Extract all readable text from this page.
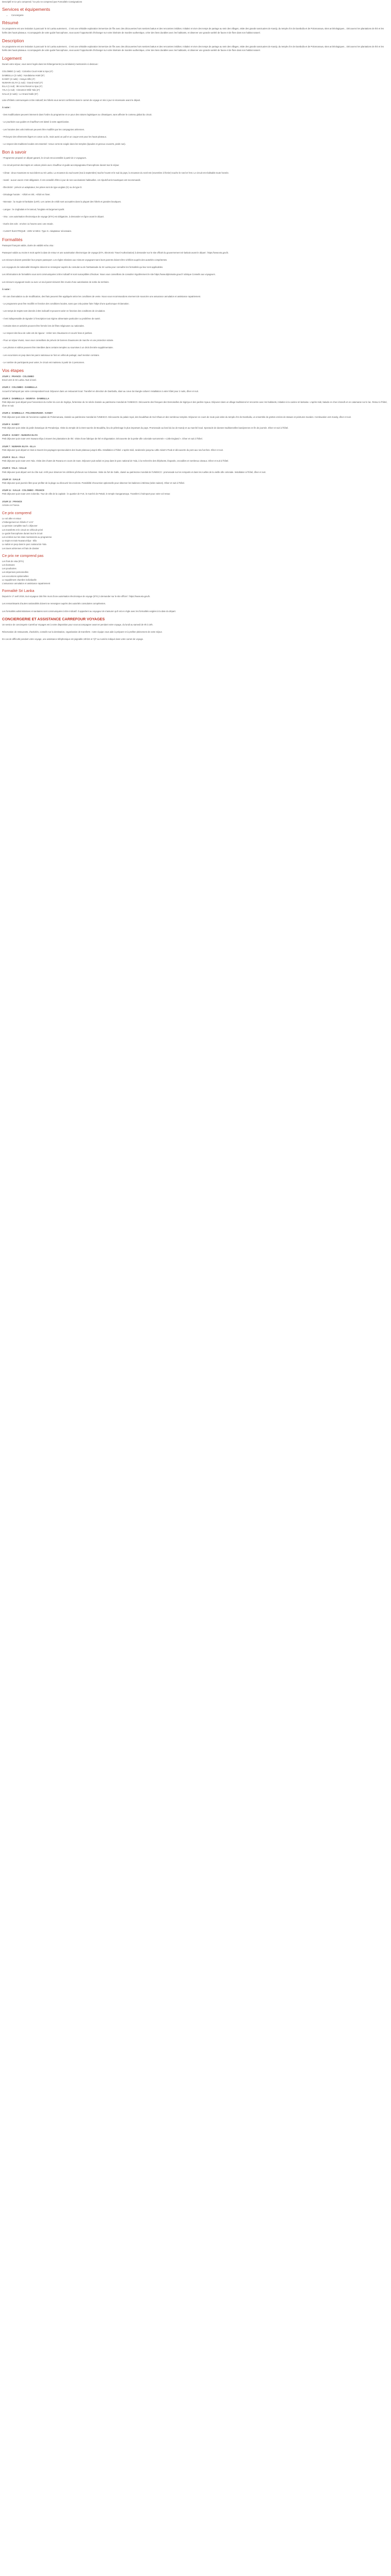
Descriptif et Ce prix comprend / Ce prix ne comprend pas Formalités Consignations
Services et équipements
• Conciergerie
Résumé

Ce programme est une invitation à parcourir le Sri Lanka autrement... C'est une véritable exploration immersive de l'île avec des découvertes hors sentiers battus et des rencontres inédites. Initialez et vivre des temps de partage au sein des villages, visite des grands sanctuaires de Kandy, du temple d'or de Dambulla et de Polonnaruwa, sites archéologiques... Découvrez les plantations de thé et les forêts des hauts plateaux. Accompagnés de votre guide francophone, vous aurez l'opportunité d'échanger sur votre itinéraire de manière authentique, créer des liens durables avec les habitants, et observer une grande variété de faune et de flore dans son habitat naturel.

Description

Ce programme est une invitation à parcourir le Sri Lanka autrement... C'est une véritable exploration immersive de l'île avec des découvertes hors sentiers battus et des rencontres inédites. Initialez et vivre des temps de partage au sein des villages, visite des grands sanctuaires de Kandy, du temple d'or de Dambulla et de Polonnaruwa, sites archéologiques... Découvrez les plantations de thé et les forêts des hauts plateaux. Accompagnés de votre guide francophone, vous aurez l'opportunité d'échanger sur votre itinéraire de manière authentique, créer des liens durables avec les habitants, et observer une grande variété de faune et de flore dans son habitat naturel.

Logement

Durant votre séjour, vous serez logés dans les hébergements (ou similaires) mentionnés ci-dessous :

COLOMBO (1 nuit) : Colombo Court Hotel & Spa (4*)
DAMBULLA (2 nuits) : Kandalama Hotel (5*)
KANDY (2 nuits) : Amaya Hills (4*)
NUWARA ELIYA (1 nuit) : Grand Hotel (4*)
ELLA (1 nuit) : 98 Acres Resort & Spa (4*)
YALA (1 nuit) : Cinnamon Wild Yala (4*)
GALLE (2 nuits) : Le Grand Galle (5*)

Liste d'hôtels communiquée à titre indicatif, les hôtels vous seront confirmés dans le carnet de voyage et mis à jour si nécessaire avant le départ.

À noter :

- Des modifications peuvent intervenir dans l'ordre du programme et ce pour des raisons logistiques ou climatiques, sans affecter le contenu global du circuit.

- Le pourboire aux guides et chauffeurs est laissé à votre appréciation.

- Les horaires des vols intérieurs peuvent être modifiés par les compagnies aériennes.

- Prévoyez des vêtements légers en coton ou lin, mais aussi un pull et un coupe-vent pour les hauts plateaux.

- Le respect des traditions locales est essentiel : tenue correcte exigée dans les temples (épaules et genoux couverts, pieds nus).

Bon à savoir

- Programme proposé en départ garanti, le circuit est accessible à partir de 2 voyageurs.

- Ce circuit permet des trajets en voiture privée avec chauffeur et guide-accompagnateur francophone durant tout le séjour.

- Climat : deux moussons se succèdent au Sri Lanka. La mousson du sud-ouest (mai à septembre) touche l'ouest et le sud du pays, la mousson du nord-est (novembre à février) touche le nord et l'est. Le circuit est réalisable toute l'année.

- Santé : aucun vaccin n'est obligatoire. Il est conseillé d'être à jour de ses vaccinations habituelles. Un répulsif anti-moustiques est recommandé.

- Électricité : prévoir un adaptateur, les prises sont de type anglais (G) ou de type D.

- Décalage horaire : +3h30 en été, +4h30 en hiver.

- Monnaie : la roupie sri-lankaise (LKR). Les cartes de crédit sont acceptées dans la plupart des hôtels et grandes boutiques.

- Langue : le cinghalais et le tamoul, l'anglais est largement parlé.

- Visa : une autorisation électronique de voyage (ETA) est obligatoire, à demander en ligne avant le départ.

- Durée des vols : environ 11 heures avec une escale.

- CLIMAT ÉLECTRIQUE : 230V et 50Hz. Type G. Adaptateur nécessaire.

Formalités

Passeport français valide, durée de validité et/ou visa :

Passeport valide au moins 6 mois après la date de retour et une autorisation électronique de voyage (ETA, Electronic Travel Authorization) à demander sur le site officiel du gouvernement sri-lankais avant le départ : https://www.eta.gov.lk.

Les mineurs doivent posséder leur propre passeport. Les règles relatives aux mineurs voyageant sans leurs parents doivent être vérifiées auprès des autorités compétentes.

Les voyageurs de nationalité étrangère doivent se renseigner auprès du consulat ou de l'ambassade du Sri Lanka pour connaître les formalités qui leur sont applicables.

Les informations de formalités vous sont communiquées à titre indicatif et sont susceptibles d'évoluer. Nous vous conseillons de consulter régulièrement le site https://www.diplomatie.gouv.fr rubrique Conseils aux voyageurs.

Les mineurs voyageant seuls ou avec un seul parent doivent être munis d'une autorisation de sortie du territoire.

À noter :

- En cas d'annulation ou de modification, des frais peuvent être appliqués selon les conditions de vente. Nous vous recommandons vivement de souscrire une assurance annulation et assistance rapatriement.

- Le programme peut être modifié en fonction des conditions locales, sans que cela puisse faire l'objet d'une quelconque réclamation.

- Les temps de trajets sont donnés à titre indicatif et peuvent varier en fonction des conditions de circulation.

- Il est indispensable de signaler à l'inscription tout régime alimentaire particulier ou problème de santé.

- Certains sites et activités peuvent être fermés lors de fêtes religieuses ou nationales.

- Le respect des lieux de culte est de rigueur : retirer ses chaussures et couvrir bras et jambes.

- Pour un séjour réussi, nous vous conseillons de prévoir de bonnes chaussures de marche et une protection solaire.

- Les photos et vidéos peuvent être interdites dans certains temples ou soumises à un droit d'entrée supplémentaire.

- Les excursions en jeep dans les parcs nationaux se font en véhicule partagé, sauf mention contraire.

- Le nombre de participants peut varier, le circuit est maintenu à partir de 2 personnes.

Vos étapes

JOUR 1 : FRANCE - COLOMBO

Envol vers le Sri Lanka. Nuit à bord.

JOUR 2 : COLOMBO - DAMBULLA

Accueil à l'aéroport par votre correspondant local. Déjeuner dans un restaurant local. Transfert en direction de Dambulla, situé au cœur du triangle culturel. Installation à votre hôtel pour 2 nuits, dîner et nuit.

JOUR 3 : DAMBULLA - SIGIRIYA - DAMBULLA

Petit déjeuner puis départ pour l'ascension du rocher du Lion de Sigiriya, forteresse du Ve siècle classée au patrimoine mondial de l'UNESCO. Découverte des fresques des Demoiselles de Sigiriya et des jardins royaux. Déjeuner dans un village traditionnel et rencontre avec les habitants, initiation à la cuisine sri-lankaise. L'après-midi, balade en char à bœufs et en catamaran sur le lac. Retour à l'hôtel, dîner et nuit.

JOUR 4 : DAMBULLA - POLONNARUWA - KANDY

Petit déjeuner puis visite de l'ancienne capitale de Polonnaruwa, classée au patrimoine mondial de l'UNESCO. Découverte du palais royal, des bouddhas de Gal Vihara et des nombreux temples. Déjeuner en cours de route puis visite du temple d'or de Dambulla, un ensemble de grottes ornées de statues et peintures murales. Continuation vers Kandy, dîner et nuit.

JOUR 5 : KANDY

Petit déjeuner puis visite du jardin botanique de Peradeniya. Visite du temple de la Dent sacrée de Bouddha, lieu de pèlerinage le plus important du pays. Promenade au bord du lac de Kandy et au marché local. Spectacle de danses traditionnelles kandyennes en fin de journée. Dîner et nuit à l'hôtel.

JOUR 6 : KANDY - NUWARA ELIYA

Petit déjeuner puis route vers Nuwara Eliya à travers les plantations de thé. Visite d'une fabrique de thé et dégustation. Découverte de la petite ville coloniale surnommée « Little England ». Dîner et nuit à l'hôtel.

JOUR 7 : NUWARA ELIYA - ELLA

Petit déjeuner puis départ en train à travers les paysages spectaculaires des hauts plateaux jusqu'à Ella. Installation à l'hôtel. L'après-midi, randonnée jusqu'au Little Adam's Peak et découverte du pont aux neuf arches. Dîner et nuit.

JOUR 8 : ELLA - YALA

Petit déjeuner puis route vers Yala. Visite des chutes de Ravana en cours de route. Déjeuner puis safari en jeep dans le parc national de Yala, à la recherche des éléphants, léopards, crocodiles et nombreux oiseaux. Dîner et nuit à l'hôtel.

JOUR 9 : YALA - GALLE

Petit déjeuner puis départ vers la côte sud. Arrêt pour observer les célèbres pêcheurs sur échasses. Visite du fort de Galle, classé au patrimoine mondial de l'UNESCO : promenade sur les remparts et dans les ruelles de la vieille ville coloniale. Installation à l'hôtel, dîner et nuit.

JOUR 10 : GALLE

Petit déjeuner puis journée libre pour profiter de la plage ou découvrir les environs. Possibilité d'excursion optionnelle pour observer les baleines à Mirissa (selon saison). Dîner et nuit à l'hôtel.

JOUR 11 : GALLE - COLOMBO - FRANCE

Petit déjeuner puis route vers Colombo. Tour de ville de la capitale : le quartier de Fort, le marché de Pettah, le temple Gangaramaya. Transfert à l'aéroport pour votre vol retour.

JOUR 12 : FRANCE

Arrivée en France.

Ce prix comprend
Le vol aller et retour
L'hébergement en hôtels 4* et 5*
La pension complète sauf 1 déjeuner
Les transferts et le circuit en véhicule privé
Le guide francophone durant tout le circuit
Les entrées sur les sites mentionnés au programme
Le trajet en train Nuwara Eliya - Ella
Le safari en jeep dans le parc national de Yala
Les taxes aériennes et frais de dossier
Ce prix ne comprend pas
Les frais de visa (ETA)
Les boissons
Les pourboires
Les dépenses personnelles
Les excursions optionnelles
Le supplément chambre individuelle
L'assurance annulation et assistance rapatriement
Formalité Sri Lanka

Depuis le 17 avril 2019, tout voyageur doit être muni d'une autorisation électronique de voyage (ETA) à demander sur le site officiel : https://www.eta.gov.lk.

Les ressortissants d'autres nationalités doivent se renseigner auprès des autorités consulaires compétentes.

Les formalités administratives et sanitaires sont communiquées à titre indicatif. Il appartient au voyageur de s'assurer qu'il est en règle avec les formalités exigées à la date du départ.

CONCIERGERIE ET ASSISTANCE CARREFOUR VOYAGES

Un service de conciergerie Carrefour Voyages est à votre disposition pour vous accompagner avant et pendant votre voyage, du lundi au samedi de 9h à 19h.

Réservation de restaurants, d'activités, conseils sur la destination, organisation de transferts : notre équipe vous aide à préparer et à profiter pleinement de votre séjour.

En cas de difficulté pendant votre voyage, une assistance téléphonique est joignable 24h/24 et 7j/7 au numéro indiqué dans votre carnet de voyage.
